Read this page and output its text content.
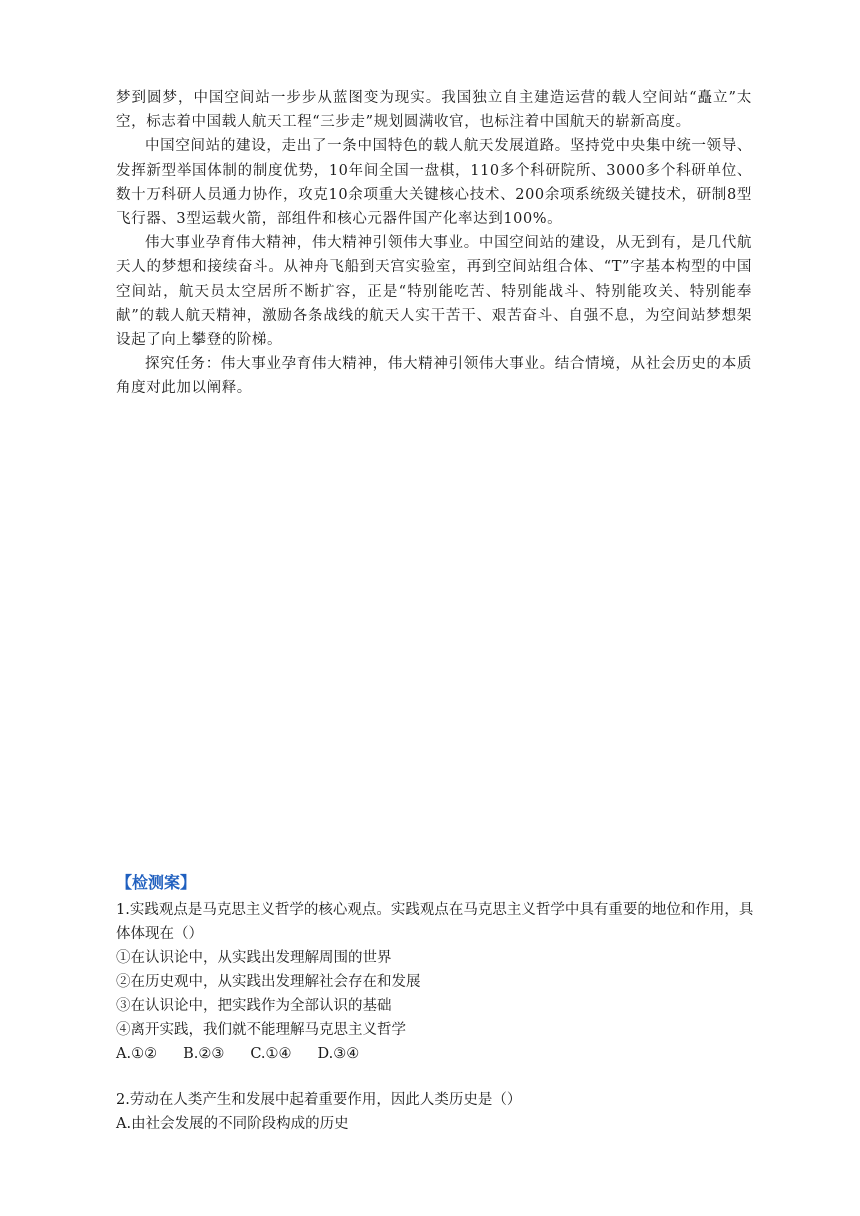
梦到圆梦，中国空间站一步步从蓝图变为现实。我国独立自主建造运营的载人空间站“矗立”太空，标志着中国载人航天工程“三步走”规划圆满收官，也标注着中国航天的崭新高度。

中国空间站的建设，走出了一条中国特色的载人航天发展道路。坚持党中央集中统一领导、发挥新型举国体制的制度优势，10年间全国一盘棋，110多个科研院所、3000多个科研单位、数十万科研人员通力协作，攻克10余项重大关键核心技术、200余项系统级关键技术，研制8型飞行器、3型运载火箭，部组件和核心元器件国产化率达到100%。

伟大事业孕育伟大精神，伟大精神引领伟大事业。中国空间站的建设，从无到有，是几代航天人的梦想和接续奋斗。从神舟飞船到天宫实验室，再到空间站组合体、“T”字基本构型的中国空间站，航天员太空居所不断扩容，正是“特别能吃苦、特别能战斗、特别能攻关、特别能奉献”的载人航天精神，激励各条战线的航天人实干苦干、艰苦奋斗、自强不息，为空间站梦想架设起了向上攀登的阶梯。

探究任务：伟大事业孕育伟大精神，伟大精神引领伟大事业。结合情境，从社会历史的本质角度对此加以阐释。

【检测案】

1.实践观点是马克思主义哲学的核心观点。实践观点在马克思主义哲学中具有重要的地位和作用，具体体现在（）

①在认识论中，从实践出发理解周围的世界

②在历史观中，从实践出发理解社会存在和发展

③在认识论中，把实践作为全部认识的基础

④离开实践，我们就不能理解马克思主义哲学

A.①② B.②③ C.①④ D.③④

2.劳动在人类产生和发展中起着重要作用，因此人类历史是（）

A.由社会发展的不同阶段构成的历史
